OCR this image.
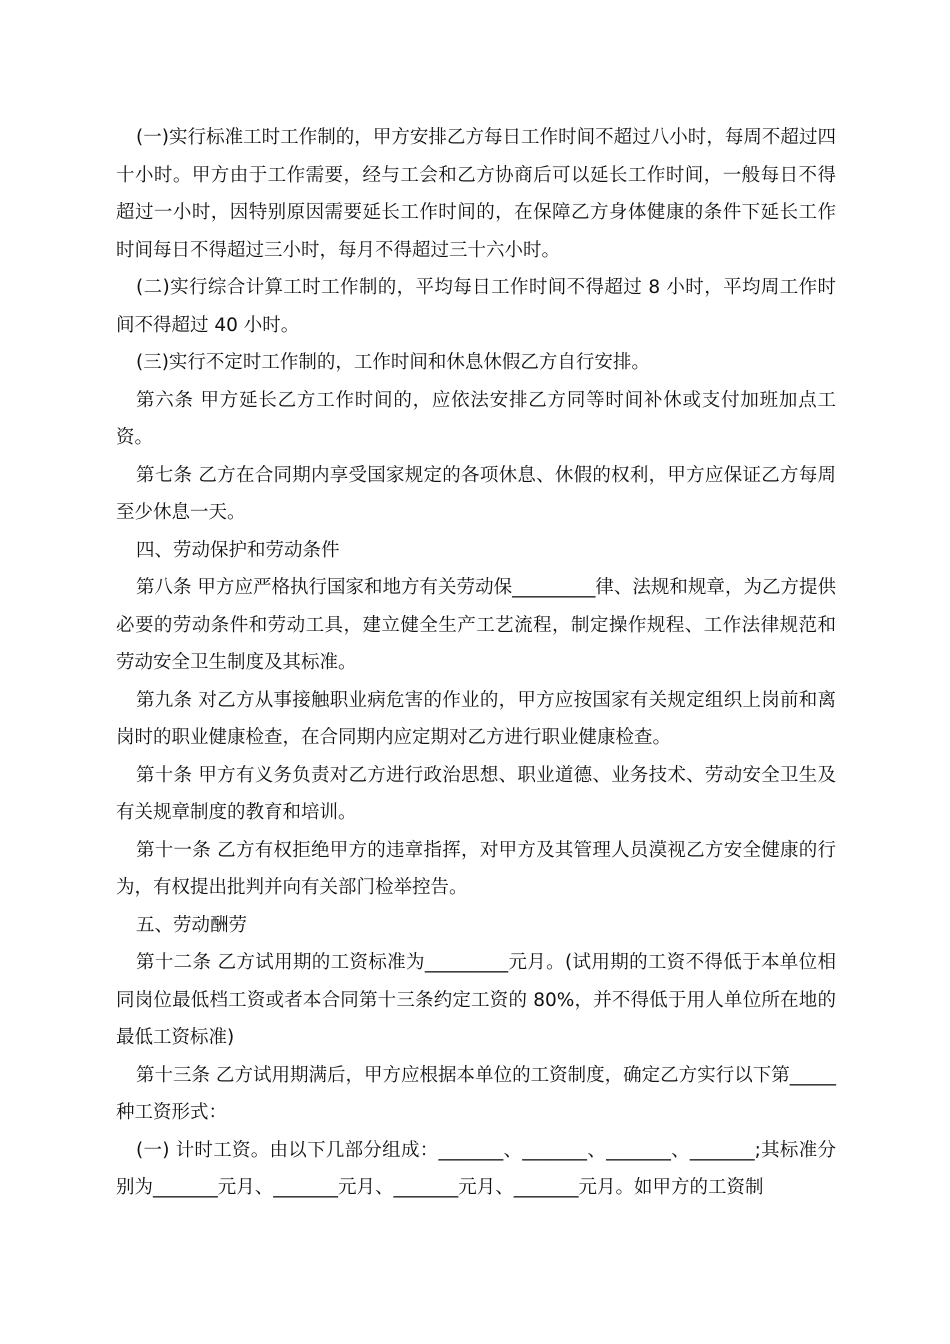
(一)实行标准工时工作制的，甲方安排乙方每日工作时间不超过八小时，每周不超过四十小时。甲方由于工作需要，经与工会和乙方协商后可以延长工作时间，一般每日不得超过一小时，因特别原因需要延长工作时间的，在保障乙方身体健康的条件下延长工作时间每日不得超过三小时，每月不得超过三十六小时。

(二)实行综合计算工时工作制的，平均每日工作时间不得超过 8 小时，平均周工作时间不得超过 40 小时。

(三)实行不定时工作制的，工作时间和休息休假乙方自行安排。

第六条 甲方延长乙方工作时间的，应依法安排乙方同等时间补休或支付加班加点工资。

第七条 乙方在合同期内享受国家规定的各项休息、休假的权利，甲方应保证乙方每周至少休息一天。

四、劳动保护和劳动条件

第八条 甲方应严格执行国家和地方有关劳动保_________律、法规和规章，为乙方提供必要的劳动条件和劳动工具，建立健全生产工艺流程，制定操作规程、工作法律规范和劳动安全卫生制度及其标准。

第九条 对乙方从事接触职业病危害的作业的，甲方应按国家有关规定组织上岗前和离岗时的职业健康检查，在合同期内应定期对乙方进行职业健康检查。

第十条 甲方有义务负责对乙方进行政治思想、职业道德、业务技术、劳动安全卫生及有关规章制度的教育和培训。

第十一条 乙方有权拒绝甲方的违章指挥，对甲方及其管理人员漠视乙方安全健康的行为，有权提出批判并向有关部门检举控告。

五、劳动酬劳

第十二条 乙方试用期的工资标准为_________元月。(试用期的工资不得低于本单位相同岗位最低档工资或者本合同第十三条约定工资的 80%，并不得低于用人单位所在地的最低工资标准)

第十三条 乙方试用期满后，甲方应根据本单位的工资制度，确定乙方实行以下第_____种工资形式：

(一) 计时工资。由以下几部分组成：_______、_______、_______、_______;其标准分别为_______元月、_______元月、_______元月、_______元月。如甲方的工资制
